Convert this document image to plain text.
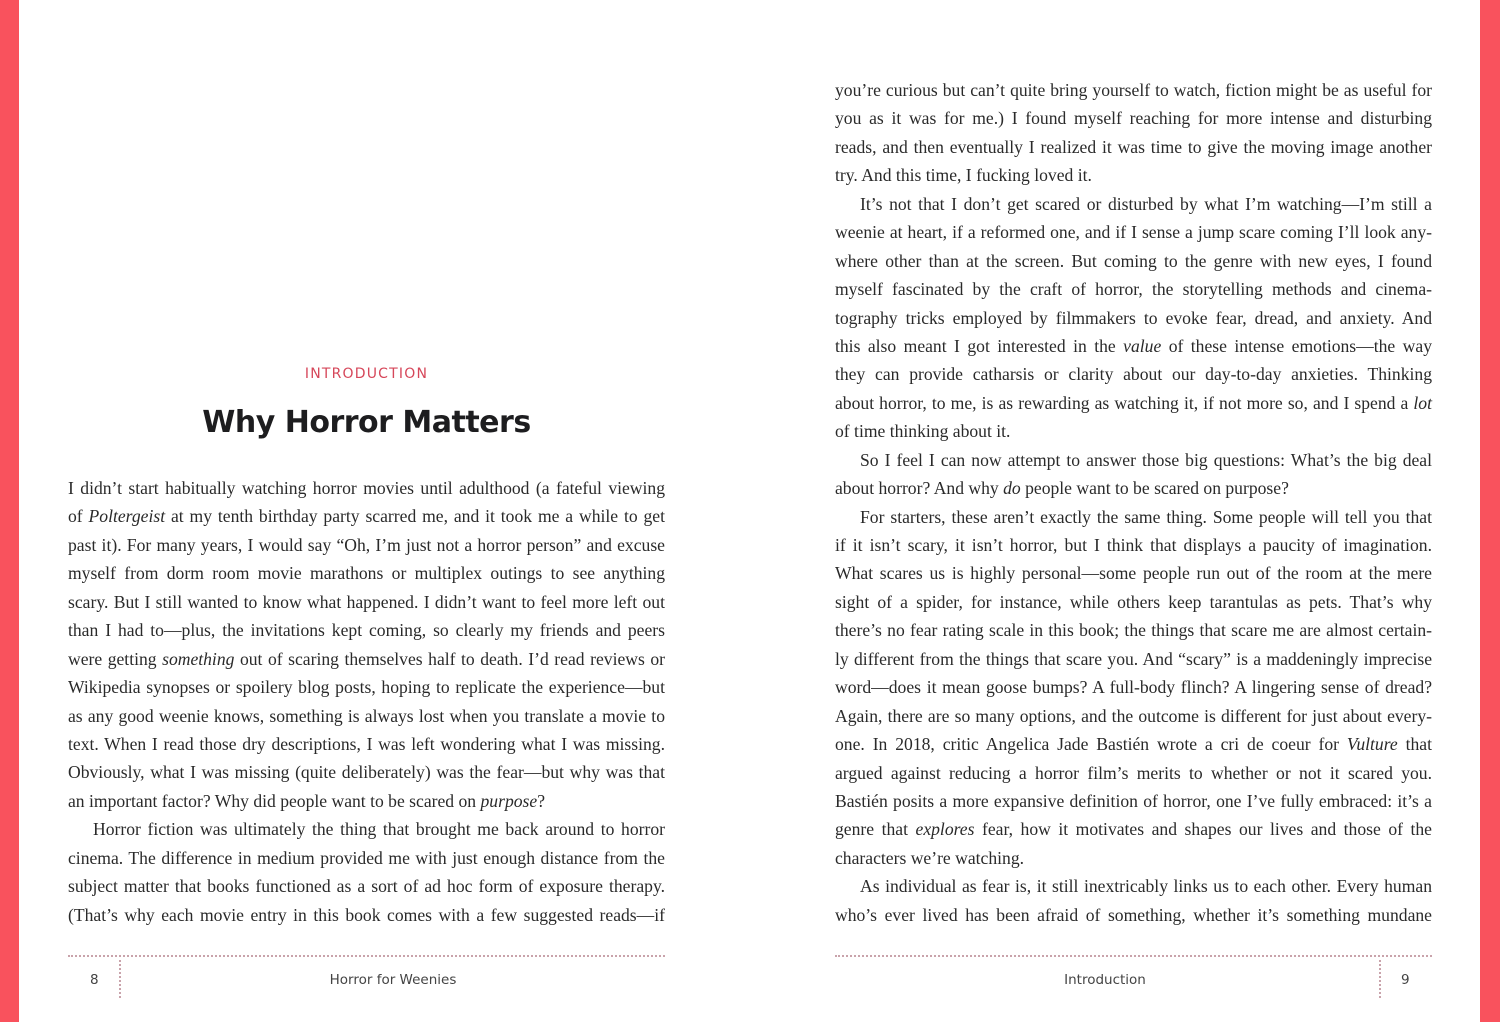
INTRODUCTION
Why Horror Matters

I didn’t start habitually watching horror movies until adulthood (a fateful viewing
of Poltergeist at my tenth birthday party scarred me, and it took me a while to get
past it). For many years, I would say “Oh, I’m just not a horror person” and excuse
myself from dorm room movie marathons or multiplex outings to see anything
scary. But I still wanted to know what happened. I didn’t want to feel more left out
than I had to—plus, the invitations kept coming, so clearly my friends and peers
were getting something out of scaring themselves half to death. I’d read reviews or
Wikipedia synopses or spoilery blog posts, hoping to replicate the experience—but
as any good weenie knows, something is always lost when you translate a movie to
text. When I read those dry descriptions, I was left wondering what I was missing.
Obviously, what I was missing (quite deliberately) was the fear—but why was that
an important factor? Why did people want to be scared on purpose?

Horror fiction was ultimately the thing that brought me back around to horror
cinema. The difference in medium provided me with just enough distance from the
subject matter that books functioned as a sort of ad hoc form of exposure therapy.
(That’s why each movie entry in this book comes with a few suggested reads—if

8	Horror for Weenies

you’re curious but can’t quite bring yourself to watch, fiction might be as useful for
you as it was for me.) I found myself reaching for more intense and disturbing
reads, and then eventually I realized it was time to give the moving image another
try. And this time, I fucking loved it.

It’s not that I don’t get scared or disturbed by what I’m watching—I’m still a
weenie at heart, if a reformed one, and if I sense a jump scare coming I’ll look any-
where other than at the screen. But coming to the genre with new eyes, I found
myself fascinated by the craft of horror, the storytelling methods and cinema-
tography tricks employed by filmmakers to evoke fear, dread, and anxiety. And
this also meant I got interested in the value of these intense emotions—the way
they can provide catharsis or clarity about our day-to-day anxieties. Thinking
about horror, to me, is as rewarding as watching it, if not more so, and I spend a lot
of time thinking about it.

So I feel I can now attempt to answer those big questions: What’s the big deal
about horror? And why do people want to be scared on purpose?

For starters, these aren’t exactly the same thing. Some people will tell you that
if it isn’t scary, it isn’t horror, but I think that displays a paucity of imagination.
What scares us is highly personal—some people run out of the room at the mere
sight of a spider, for instance, while others keep tarantulas as pets. That’s why
there’s no fear rating scale in this book; the things that scare me are almost certain-
ly different from the things that scare you. And “scary” is a maddeningly imprecise
word—does it mean goose bumps? A full-body flinch? A lingering sense of dread?
Again, there are so many options, and the outcome is different for just about every-
one. In 2018, critic Angelica Jade Bastién wrote a cri de coeur for Vulture that
argued against reducing a horror film’s merits to whether or not it scared you.
Bastién posits a more expansive definition of horror, one I’ve fully embraced: it’s a
genre that explores fear, how it motivates and shapes our lives and those of the
characters we’re watching.

As individual as fear is, it still inextricably links us to each other. Every human
who’s ever lived has been afraid of something, whether it’s something mundane

Introduction	9
